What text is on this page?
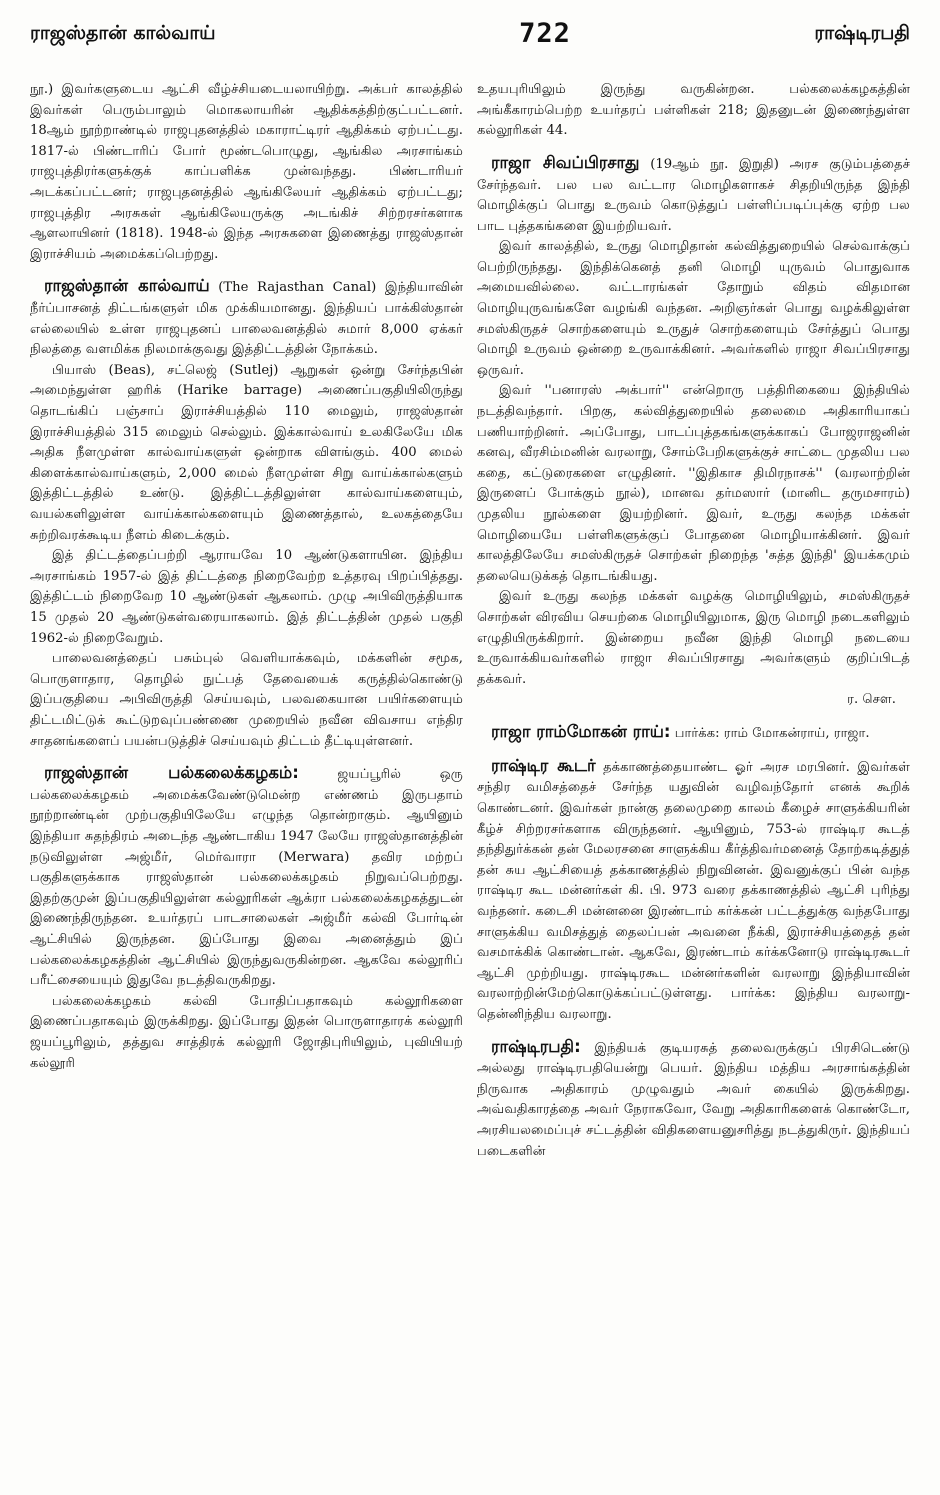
ராஜஸ்தான் கால்வாய்	722	ராஷ்டிரபதி

நூ.) இவர்களுடைய ஆட்சி வீழ்ச்சியடையலாயிற்று. அக்பர் காலத்தில் இவர்கள் பெரும்பாலும் மொகலாயரின் ஆதிக்கத்திற்குட்பட்டனர். 18ஆம் நூற்றாண்டில் ராஜபுதனத்தில் மகாராட்டிரர் ஆதிக்கம் ஏற்பட்டது. 1817-ல் பிண்டாரிப் போர் மூண்டபொழுது, ஆங்கில அரசாங்கம் ராஜபுத்திரர்களுக்குக் காப்பளிக்க முன்வந்தது. பிண்டாரியர் அடக்கப்பட்டனர்; ராஜபுதனத்தில் ஆங்கிலேயர் ஆதிக்கம் ஏற்பட்டது; ராஜபுத்திர அரசுகள் ஆங்கிலேயருக்கு அடங்கிச் சிற்றரசர்களாக ஆளலாயினர் (1818). 1948-ல் இந்த அரசுகளை இணைத்து ராஜஸ்தான் இராச்சியம் அமைக்கப்பெற்றது.

ராஜஸ்தான் கால்வாய் (The Rajasthan Canal) இந்தியாவின் நீர்ப்பாசனத் திட்டங்களுள் மிக முக்கியமானது. இந்தியப் பாக்கிஸ்தான் எல்லையில் உள்ள ராஜபுதனப் பாலைவனத்தில் சுமார் 8,000 ஏக்கர் நிலத்தை வளமிக்க நிலமாக்குவது இத்திட்டத்தின் நோக்கம்.

பியாஸ் (Beas), சட்லெஜ் (Sutlej) ஆறுகள் ஒன்று சேர்ந்தபின் அமைந்துள்ள ஹரிக் (Harike barrage) அணைப்பகுதியிலிருந்து தொடங்கிப் பஞ்சாப் இராச்சியத்தில் 110 மைலும், ராஜஸ்தான் இராச்சியத்தில் 315 மைலும் செல்லும். இக்கால்வாய் உலகிலேயே மிக அதிக நீளமுள்ள கால்வாய்களுள் ஒன்றாக விளங்கும். 400 மைல் கிளைக்கால்வாய்களும், 2,000 மைல் நீளமுள்ள சிறு வாய்க்கால்களும் இத்திட்டத்தில் உண்டு. இத்திட்டத்திலுள்ள கால்வாய்களையும், வயல்களிலுள்ள வாய்க்கால்களையும் இணைத்தால், உலகத்தையே சுற்றிவரக்கூடிய நீளம் கிடைக்கும்.

இத் திட்டத்தைப்பற்றி ஆராயவே 10 ஆண்டுகளாயின. இந்திய அரசாங்கம் 1957-ல் இத் திட்டத்தை நிறைவேற்ற உத்தரவு பிறப்பித்தது. இத்திட்டம் நிறைவேற 10 ஆண்டுகள் ஆகலாம். முழு அபிவிருத்தியாக 15 முதல் 20 ஆண்டுகள்வரையாகலாம். இத் திட்டத்தின் முதல் பகுதி 1962-ல் நிறைவேறும்.

பாலைவனத்தைப் பசும்புல் வெளியாக்கவும், மக்களின் சமூக, பொருளாதார, தொழில் நுட்பத் தேவையைக் கருத்தில்கொண்டு இப்பகுதியை அபிவிருத்தி செய்யவும், பலவகையான பயிர்களையும் திட்டமிட்டுக் கூட்டுறவுப்பண்ணை முறையில் நவீன விவசாய எந்திர சாதனங்களைப் பயன்படுத்திச் செய்யவும் திட்டம் தீட்டியுள்ளனர்.

ராஜஸ்தான் பல்கலைக்கழகம்: ஜயப்பூரில் ஒரு பல்கலைக்கழகம் அமைக்கவேண்டுமென்ற எண்ணம் இருபதாம் நூற்றாண்டின் முற்பகுதியிலேயே எழுந்த தொன்றாகும். ஆயினும் இந்தியா சுதந்திரம் அடைந்த ஆண்டாகிய 1947 லேயே ராஜஸ்தானத்தின் நடுவிலுள்ள அஜ்மீர், மெர்வாரா (Merwara) தவிர மற்றப் பகுதிகளுக்காக ராஜஸ்தான் பல்கலைக்கழகம் நிறுவப்பெற்றது. இதற்குமுன் இப்பகுதியிலுள்ள கல்லூரிகள் ஆக்ரா பல்கலைக்கழகத்துடன் இணைந்திருந்தன. உயர்தரப் பாடசாலைகள் அஜ்மீர் கல்வி போர்டின் ஆட்சியில் இருந்தன. இப்போது இவை அனைத்தும் இப் பல்கலைக்கழகத்தின் ஆட்சியில் இருந்துவருகின்றன. ஆகவே கல்லூரிப் பரீட்சையையும் இதுவே நடத்திவருகிறது.

பல்கலைக்கழகம் கல்வி போதிப்பதாகவும் கல்லூரிகளை இணைப்பதாகவும் இருக்கிறது. இப்போது இதன் பொருளாதாரக் கல்லூரி ஜயப்பூரிலும், தத்துவ சாத்திரக் கல்லூரி ஜோதிபுரியிலும், புவியியற் கல்லூரி

உதயபுரியிலும் இருந்து வருகின்றன. பல்கலைக்கழகத்தின் அங்கீகாரம்பெற்ற உயர்தரப் பள்ளிகள் 218; இதனுடன் இணைந்துள்ள கல்லூரிகள் 44.

ராஜா சிவப்பிரசாது (19ஆம் நூ. இறுதி) அரச குடும்பத்தைச் சேர்ந்தவர். பல பல வட்டார மொழிகளாகச் சிதறியிருந்த இந்தி மொழிக்குப் பொது உருவம் கொடுத்துப் பள்ளிப்படிப்புக்கு ஏற்ற பல பாட புத்தகங்களை இயற்றியவர்.

இவர் காலத்தில், உருது மொழிதான் கல்வித்துறையில் செல்வாக்குப் பெற்றிருந்தது. இந்திக்கெனத் தனி மொழி யுருவம் பொதுவாக அமையவில்லை. வட்டாரங்கள் தோறும் விதம் விதமான மொழியுருவங்களே வழங்கி வந்தன. அறிஞர்கள் பொது வழக்கிலுள்ள சமஸ்கிருதச் சொற்களையும் உருதுச் சொற்களையும் சேர்த்துப் பொது மொழி உருவம் ஒன்றை உருவாக்கினர். அவர்களில் ராஜா சிவப்பிரசாது ஒருவர்.

இவர் ''பனாரஸ் அக்பார்'' என்றொரு பத்திரிகையை இந்தியில் நடத்திவந்தார். பிறகு, கல்வித்துறையில் தலைமை அதிகாரியாகப் பணியாற்றினர். அப்போது, பாடப்புத்தகங்களுக்காகப் போஜராஜனின் கனவு, வீரசிம்மனின் வரலாறு, சோம்பேறிகளுக்குச் சாட்டை முதலிய பல கதை, கட்டுரைகளை எழுதினர். ''இதிகாச திமிரநாசக்'' (வரலாற்றின் இருளைப் போக்கும் நூல்), மானவ தர்மஸார் (மானிட தருமசாரம்) முதலிய நூல்களை இயற்றினர். இவர், உருது கலந்த மக்கள் மொழியையே பள்ளிகளுக்குப் போதனை மொழியாக்கினர். இவர் காலத்திலேயே சமஸ்கிருதச் சொற்கள் நிறைந்த 'சுத்த இந்தி' இயக்கமும் தலையெடுக்கத் தொடங்கியது.

இவர் உருது கலந்த மக்கள் வழக்கு மொழியிலும், சமஸ்கிருதச் சொற்கள் விரவிய செயற்கை மொழியிலுமாக, இரு மொழி நடைகளிலும் எழுதியிருக்கிறார். இன்றைய நவீன இந்தி மொழி நடையை உருவாக்கியவர்களில் ராஜா சிவப்பிரசாது அவர்களும் குறிப்பிடத் தக்கவர்.

ர. சௌ.

ராஜா ராம்மோகன் ராய்: பார்க்க: ராம் மோகன்ராய், ராஜா.

ராஷ்டிர கூடர் தக்காணத்தையாண்ட ஓர் அரச மரபினர். இவர்கள் சந்திர வமிசத்தைச் சேர்ந்த யதுவின் வழிவந்தோர் எனக் கூறிக் கொண்டனர். இவர்கள் நான்கு தலைமுறை காலம் கீழைச் சாளுக்கியரின் கீழ்ச் சிற்றரசர்களாக விருந்தனர். ஆயினும், 753-ல் ராஷ்டிர கூடத் தந்திதுர்க்கன் தன் மேலரசனை சாளுக்கிய கீர்த்திவர்மனைத் தோற்கடித்துத் தன் சுய ஆட்சியைத் தக்காணத்தில் நிறுவினன். இவனுக்குப் பின் வந்த ராஷ்டிர கூட மன்னர்கள் கி. பி. 973 வரை தக்காணத்தில் ஆட்சி புரிந்து வந்தனர். கடைசி மன்னனை இரண்டாம் கர்க்கன் பட்டத்துக்கு வந்தபோது சாளுக்கிய வமிசத்துத் தைலப்பன் அவனை நீக்கி, இராச்சியத்தைத் தன் வசமாக்கிக் கொண்டான். ஆகவே, இரண்டாம் கர்க்கனோடு ராஷ்டிரகூடர் ஆட்சி முற்றியது. ராஷ்டிரகூட மன்னர்களின் வரலாறு இந்தியாவின் வரலாற்றின்மேற்கொடுக்கப்பட்டுள்ளது. பார்க்க: இந்திய வரலாறு-தென்னிந்திய வரலாறு.

ராஷ்டிரபதி: இந்தியக் குடியரசுத் தலைவருக்குப் பிரசிடெண்டு அல்லது ராஷ்டிரபதியென்று பெயர். இந்திய மத்திய அரசாங்கத்தின் நிருவாக அதிகாரம் முழுவதும் அவர் கையில் இருக்கிறது. அவ்வதிகாரத்தை அவர் நேராகவோ, வேறு அதிகாரிகளைக் கொண்டோ, அரசியலமைப்புச் சட்டத்தின் விதிகளையனுசரித்து நடத்துகிருர். இந்தியப் படைகளின்
